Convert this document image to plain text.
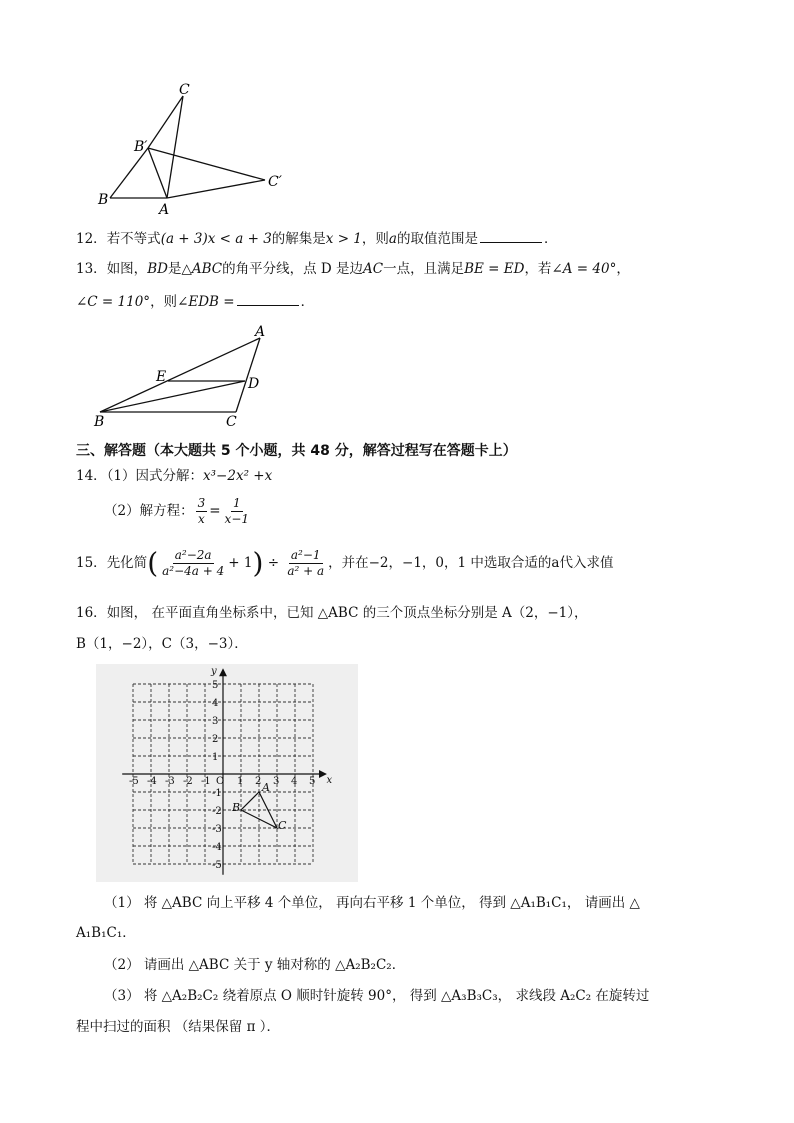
C
B′
B
A
C′
12．若不等式(a + 3)x < a + 3的解集是x > 1，则a的取值范围是	．
13．如图，BD是△ABC的角平分线，点 D 是边AC一点，且满足BE = ED，若∠A = 40°，
∠C = 110°，则∠EDB =	．
A
E	D
B	C
三、解答题（本大题共 5 个小题，共 48 分，解答过程写在答题卡上）
14．（1）因式分解：x³−2x² +x
（2）解方程： $\frac{3}{x} = \frac{1}{x-1}$
15．先化简( $\frac{\text{a²−2a}}{\text{a²−4a + 4}} + 1) \div \frac{\text{a²−1}}{\text{a² + a}}$ ，并在−2，−1，0，1 中选取合适的a代入求值
16．如图， 在平面直角坐标系中，已知 △ABC 的三个顶点坐标分别是 A（2，−1），
B（1，−2），C（3，−3）．
-5 -4 -3 -2 -1	1 2 3 4 5
5
4
3
2
1
-1
-2
-3
-4
-5
O	x
y
A
B
C
（1） 将 △ABC 向上平移 4 个单位， 再向右平移 1 个单位， 得到 △A₁B₁C₁， 请画出 △
A₁B₁C₁．
（2） 请画出 △ABC 关于 y 轴对称的 △A₂B₂C₂．
（3） 将 △A₂B₂C₂ 绕着原点 O 顺时针旋转 90°， 得到 △A₃B₃C₃， 求线段 A₂C₂ 在旋转过
程中扫过的面积 （结果保留 π ）．
